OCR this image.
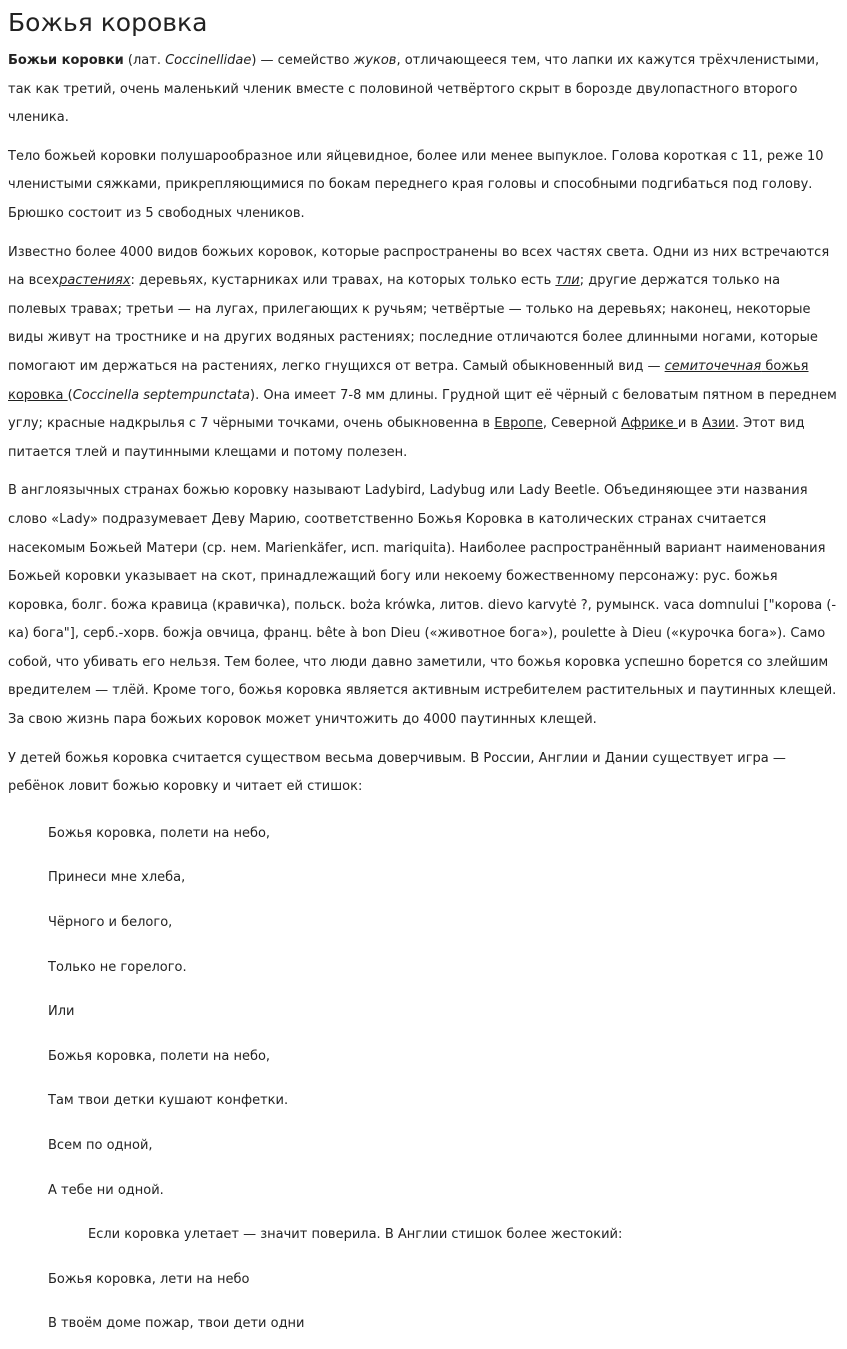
Божья коровка

Божьи коровки (лат. Coccinellidae) — семейство жуков, отличающееся тем, что лапки их кажутся трёхчленистыми, так как третий, очень маленький членик вместе с половиной четвёртого скрыт в борозде двулопастного второго членика.

Тело божьей коровки полушарообразное или яйцевидное, более или менее выпуклое. Голова короткая с 11, реже 10 членистыми сяжками, прикрепляющимися по бокам переднего края головы и способными подгибаться под голову. Брюшко состоит из 5 свободных члеников.

Известно более 4000 видов божьих коровок, которые распространены во всех частях света. Одни из них встречаются на всехрастениях: деревьях, кустарниках или травах, на которых только есть тли; другие держатся только на полевых травах; третьи — на лугах, прилегающих к ручьям; четвёртые — только на деревьях; наконец, некоторые виды живут на тростнике и на других водяных растениях; последние отличаются более длинными ногами, которые помогают им держаться на растениях, легко гнущихся от ветра. Самый обыкновенный вид — семиточечная божья коровка (Coccinella septempunctata). Она имеет 7-8 мм длины. Грудной щит её чёрный с беловатым пятном в переднем углу; красные надкрылья с 7 чёрными точками, очень обыкновенна в Европе, Северной Африке и в Азии. Этот вид питается тлей и паутинными клещами и потому полезен.

В англоязычных странах божью коровку называют Ladybird, Ladybug или Lady Beetle. Объединяющее эти названия слово «Lady» подразумевает Деву Марию, соответственно Божья Коровка в католических странах считается насекомым Божьей Матери (ср. нем. Marienkäfer, исп. mariquita). Наиболее распространённый вариант наименования Божьей коровки указывает на скот, принадлежащий богу или некоему божественному персонажу: рус. божья коровка, болг. божа кравица (кравичка), польск. boża krówka, литов. dievo karvytė ?, румынск. vaca domnului ["корова (-ка) бога"], серб.-хорв. божја овчица, франц. bête à bon Dieu («животное бога»), poulette à Dieu («курочка бога»). Само собой, что убивать его нельзя. Тем более, что люди давно заметили, что божья коровка успешно борется со злейшим вредителем — тлёй. Кроме того, божья коровка является активным истребителем растительных и паутинных клещей. За свою жизнь пара божьих коровок может уничтожить до 4000 паутинных клещей.

У детей божья коровка считается существом весьма доверчивым. В России, Англии и Дании существует игра — ребёнок ловит божью коровку и читает ей стишок:

Божья коровка, полети на небо,
Принеси мне хлеба,
Чёрного и белого,
Только не горелого.
Или
Божья коровка, полети на небо,
Там твои детки кушают конфетки.
Всем по одной,
А тебе ни одной.
Если коровка улетает — значит поверила. В Англии стишок более жестокий:
Божья коровка, лети на небо
В твоём доме пожар, твои дети одни
